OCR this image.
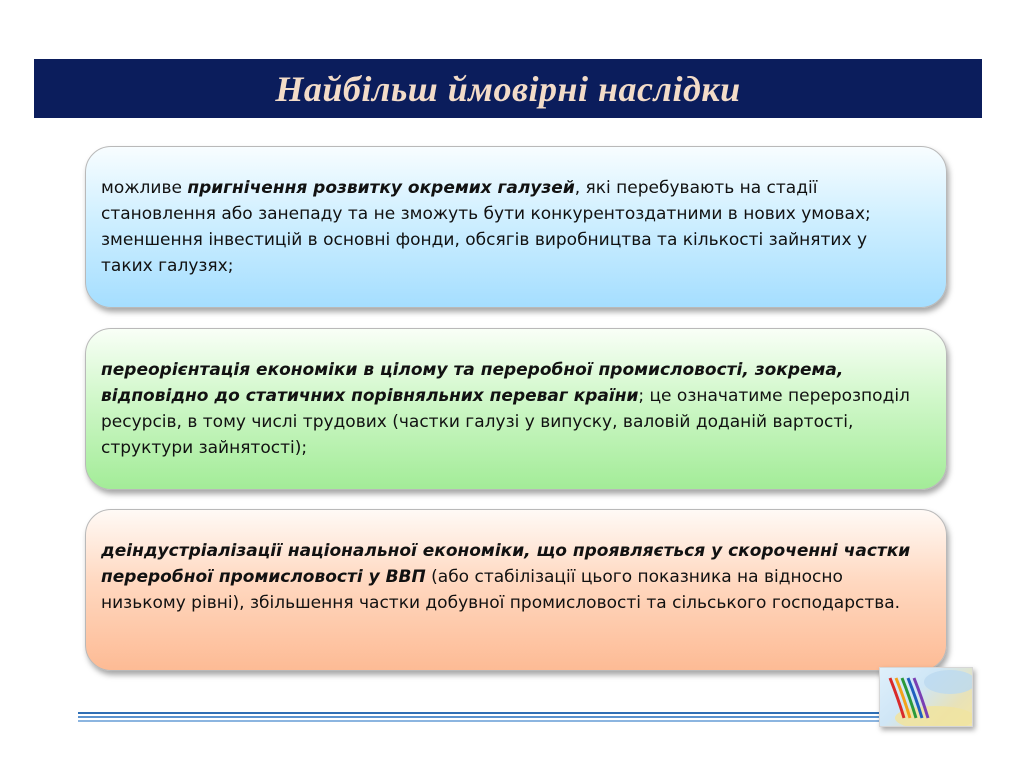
Найбільш ймовірні наслідки

можливе пригнічення розвитку окремих галузей, які перебувають на стадії становлення або занепаду та не зможуть бути конкурентоздатними в нових умовах; зменшення інвестицій в основні фонди, обсягів виробництва та кількості зайнятих у таких галузях;

переорієнтація економіки в цілому та переробної промисловості, зокрема, відповідно до статичних порівняльних переваг країни; це означатиме перерозподіл ресурсів, в тому числі трудових (частки галузі у випуску, валовій доданій вартості, структури зайнятості);

деіндустріалізації національної економіки, що проявляється у скороченні частки переробної промисловості у ВВП (або стабілізації цього показника на відносно низькому рівні), збільшення частки добувної промисловості та сільського господарства.
